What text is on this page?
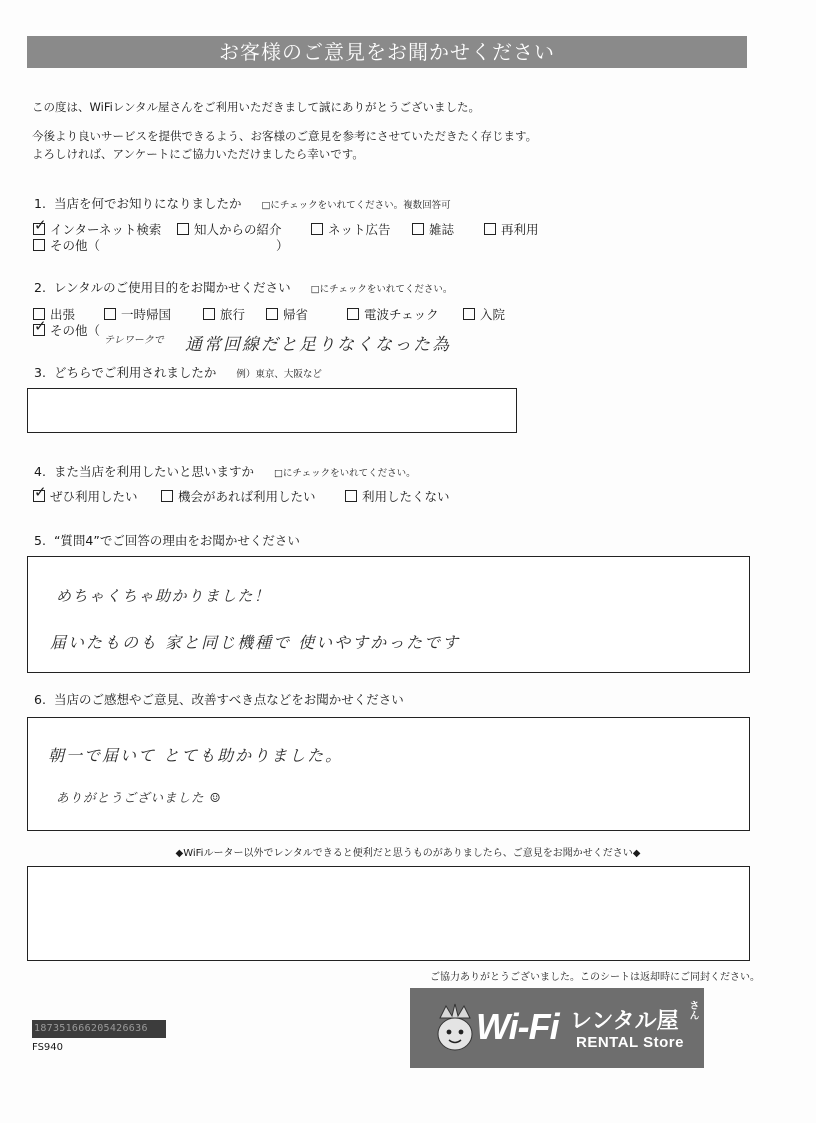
お客様のご意見をお聞かせください
この度は、WiFiレンタル屋さんをご利用いただきまして誠にありがとうございました。
今後より良いサービスを提供できるよう、お客様のご意見を参考にさせていただきたく存じます。
よろしければ、アンケートにご協力いただけましたら幸いです。
1. 当店を何でお知りになりましたか □にチェックをいれてください。複数回答可
✓インターネット検索	知人からの紹介	ネット広告	雑誌	再利用
その他（	）
2. レンタルのご使用目的をお聞かせください □にチェックをいれてください。
出張	一時帰国	旅行	帰省	電波チェック	入院
✓その他（
テレワークで 通常回線だと足りなくなった為
3. どちらでご利用されましたか 例）東京、大阪など
4. また当店を利用したいと思いますか □にチェックをいれてください。
✓ぜひ利用したい	機会があれば利用したい	利用したくない
5. “質問4”でご回答の理由をお聞かせください
めちゃくちゃ助かりました！
届いたものも 家と同じ機種で 使いやすかったです
6. 当店のご感想やご意見、改善すべき点などをお聞かせください
朝一で届いて とても助かりました。
ありがとうございました ☺
◆WiFiルーター以外でレンタルできると便利だと思うものがありましたら、ご意見をお聞かせください◆
ご協力ありがとうございました。このシートは返却時にご同封ください。
187351666205426636
FS940
Wi-Fi レンタル屋 さん
RENTAL Store
